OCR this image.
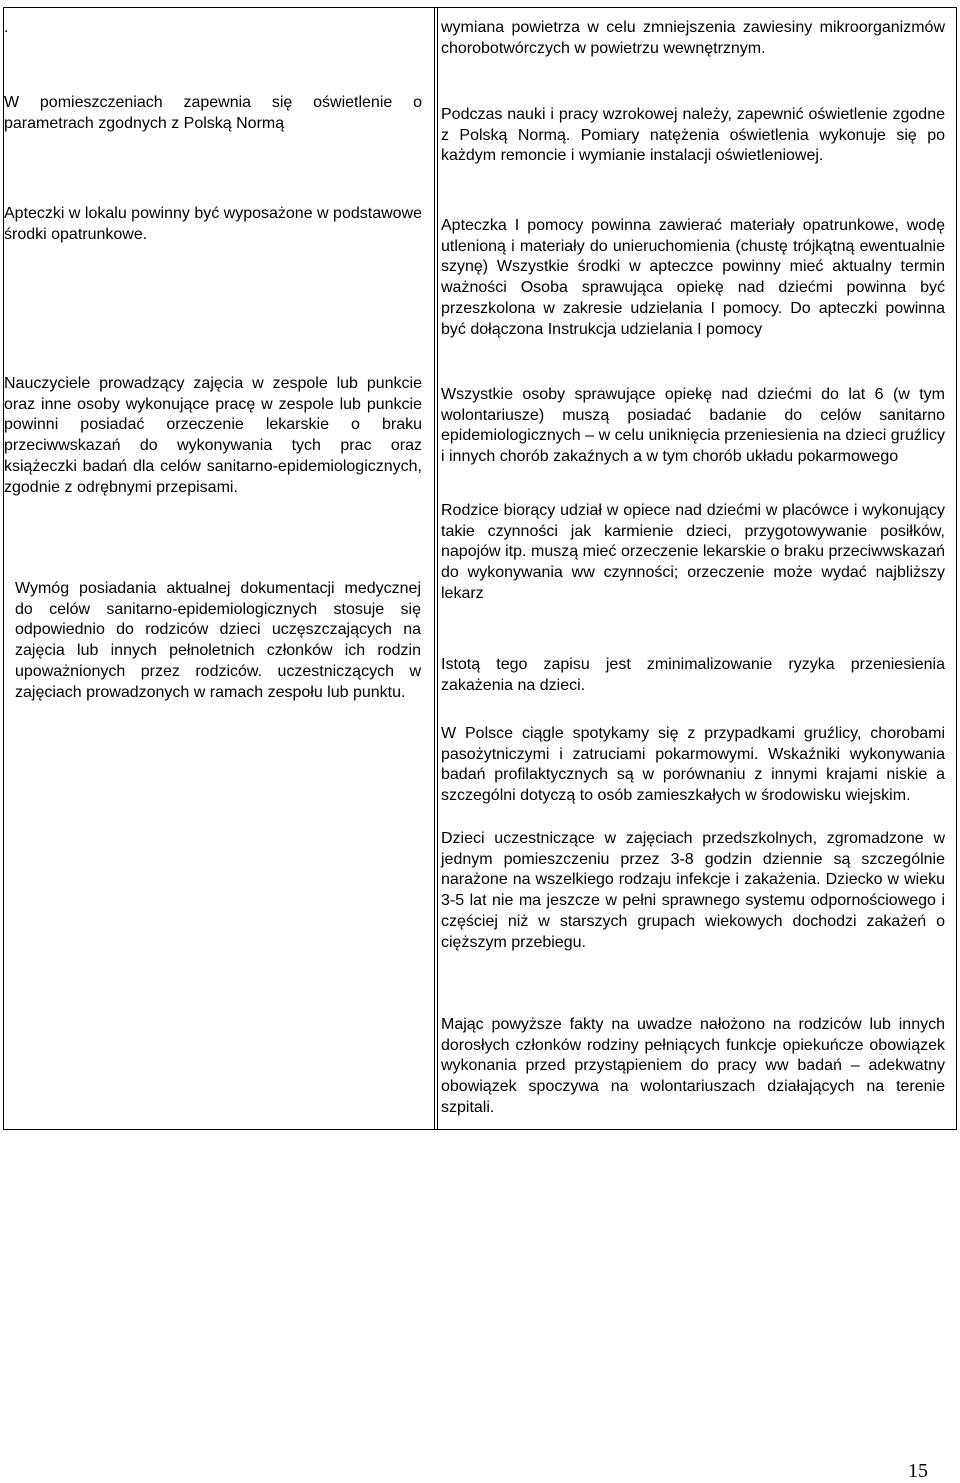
.
W pomieszczeniach zapewnia się oświetlenie o parametrach zgodnych z Polską Normą
Apteczki w lokalu powinny być wyposażone w podstawowe środki opatrunkowe.
Nauczyciele prowadzący zajęcia w zespole lub punkcie oraz inne osoby wykonujące pracę w zespole lub punkcie powinni posiadać orzeczenie lekarskie o braku przeciwwskazań do wykonywania tych prac oraz książeczki badań dla celów sanitarno-epidemiologicznych, zgodnie z odrębnymi przepisami.
Wymóg posiadania aktualnej dokumentacji medycznej do celów sanitarno-epidemiologicznych stosuje się odpowiednio do rodziców dzieci uczęszczających na zajęcia lub innych pełnoletnich członków ich rodzin upoważnionych przez rodziców. uczestniczących w zajęciach prowadzonych w ramach zespołu lub punktu.
wymiana powietrza w celu zmniejszenia zawiesiny mikroorganizmów chorobotwórczych w powietrzu wewnętrznym.
Podczas nauki i pracy wzrokowej należy, zapewnić oświetlenie zgodne z Polską Normą. Pomiary natężenia oświetlenia wykonuje się po każdym remoncie i wymianie instalacji oświetleniowej.
Apteczka I pomocy powinna zawierać materiały opatrunkowe, wodę utlenioną i materiały do unieruchomienia (chustę trójkątną ewentualnie szynę) Wszystkie środki w apteczce powinny mieć aktualny termin ważności Osoba sprawująca opiekę nad dziećmi powinna być przeszkolona w zakresie udzielania I pomocy. Do apteczki powinna być dołączona Instrukcja udzielania I pomocy
Wszystkie osoby sprawujące opiekę nad dziećmi do lat 6 (w tym wolontariusze) muszą posiadać badanie do celów sanitarno epidemiologicznych – w celu uniknięcia przeniesienia na dzieci gruźlicy i innych chorób zakaźnych a w tym chorób układu pokarmowego
Rodzice biorący udział w opiece nad dziećmi w placówce i wykonujący takie czynności jak karmienie dzieci, przygotowywanie posiłków, napojów itp. muszą mieć orzeczenie lekarskie o braku przeciwwskazań do wykonywania ww czynności; orzeczenie może wydać najbliższy lekarz
Istotą tego zapisu jest zminimalizowanie ryzyka przeniesienia zakażenia na dzieci.
W Polsce ciągle spotykamy się z przypadkami gruźlicy, chorobami pasożytniczymi i zatruciami pokarmowymi. Wskaźniki wykonywania badań profilaktycznych są w porównaniu z innymi krajami niskie a szczególni dotyczą to osób zamieszkałych w środowisku wiejskim.
Dzieci uczestniczące w zajęciach przedszkolnych, zgromadzone w jednym pomieszczeniu przez 3-8 godzin dziennie są szczególnie narażone na wszelkiego rodzaju infekcje i zakażenia. Dziecko w wieku 3-5 lat nie ma jeszcze w pełni sprawnego systemu odpornościowego i częściej niż w starszych grupach wiekowych dochodzi zakażeń o cięższym przebiegu.
Mając powyższe fakty na uwadze nałożono na rodziców lub innych dorosłych członków rodziny pełniących funkcje opiekuńcze obowiązek wykonania przed przystąpieniem do pracy ww badań – adekwatny obowiązek spoczywa na wolontariuszach działających na terenie szpitali.
15
